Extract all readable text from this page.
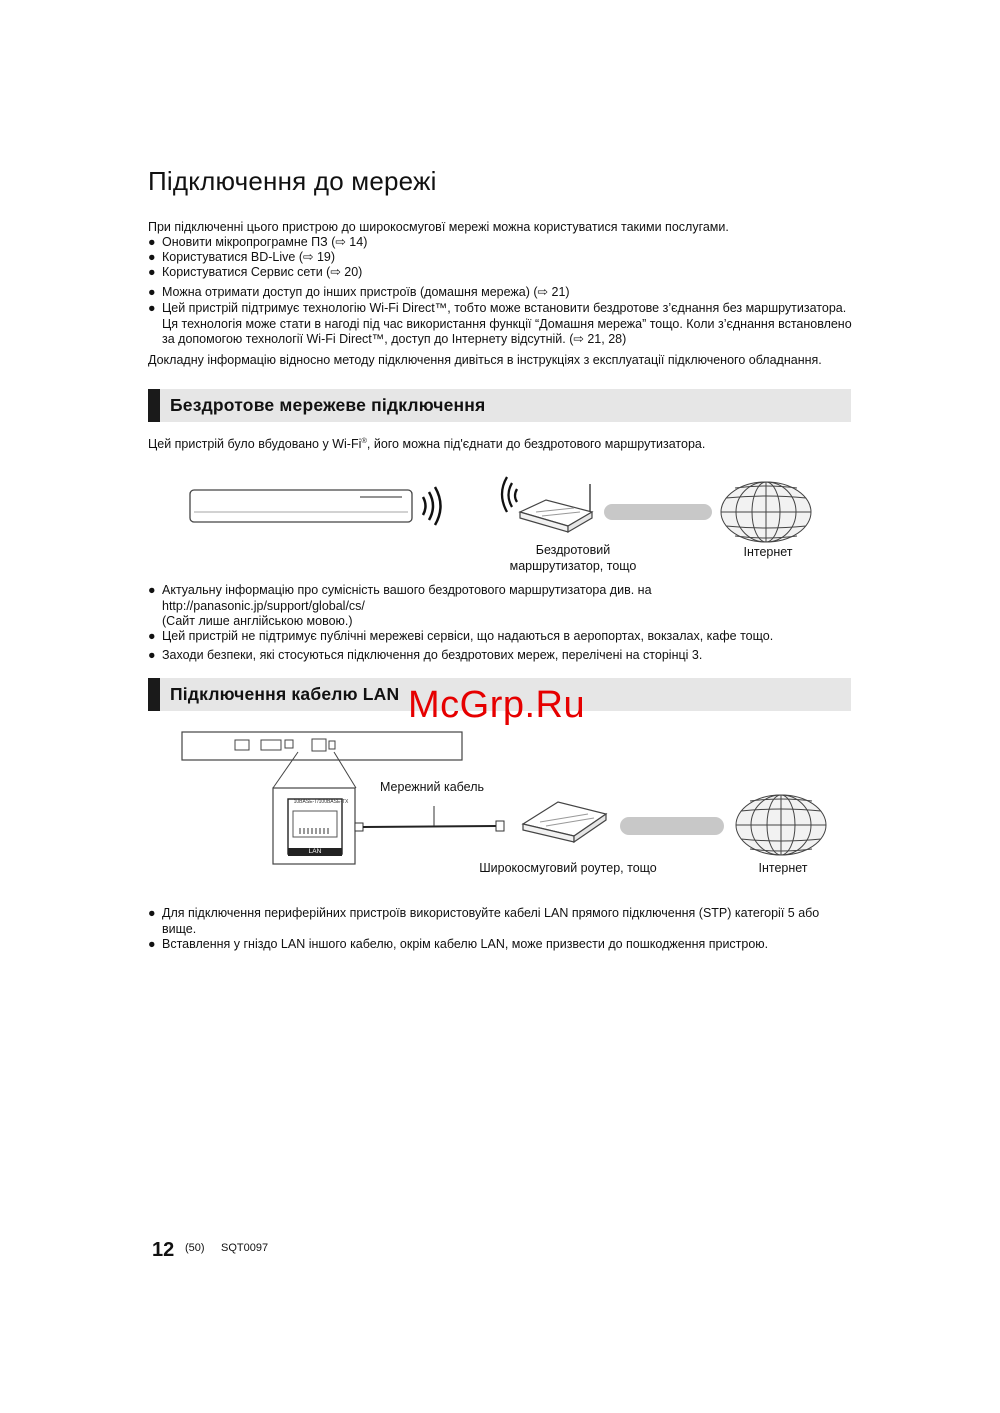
Підключення до мережі

При підключенні цього пристрою до широкосмуговї мережі можна користуватися такими послугами.

● Оновити мікропрограмне ПЗ (⇨ 14)
● Користуватися BD-Live (⇨ 19)
● Користуватися Сервис сети (⇨ 20)
● Можна отримати доступ до інших пристроїв (домашня мережа) (⇨ 21)
● Цей пристрій підтримує технологію Wi-Fi Direct™, тобто може встановити бездротове з’єднання без маршрутизатора. Ця технологія може стати в нагоді під час використання функції “Домашня мережа” тощо. Коли з’єднання встановлено за допомогою технології Wi-Fi Direct™, доступ до Інтернету відсутній. (⇨ 21, 28)

Докладну інформацію відносно методу підключення дивіться в інструкціях з експлуатації підключеного обладнання.

Бездротове мережеве підключення

Цей пристрій було вбудовано у Wi-Fi®, його можна під'єднати до бездротового маршрутизатора.

Бездротовий
маршрутизатор, тощо
Інтернет
● Актуальну інформацію про сумісність вашого бездротового маршрутизатора див. на
http://panasonic.jp/support/global/cs/
(Сайт лише англійською мовою.)
● Цей пристрій не підтримує публічні мережеві сервіси, що надаються в аеропортах, вокзалах, кафе тощо.
● Заходи безпеки, які стосуються підключення до бездротових мереж, перелічені на сторінці 3.
Підключення кабелю LAN
10BASE-T/100BASE-TX
LAN
Мережний кабель
Широкосмуговий роутер, тощо	Інтернет
● Для підключення периферійних пристроїв використовуйте кабелі LAN прямого підключення (STP) категорії 5 або вище.
● Вставлення у гніздо LAN іншого кабелю, окрім кабелю LAN, може призвести до пошкодження пристрою.
McGrp.Ru
12 (50) SQT0097
